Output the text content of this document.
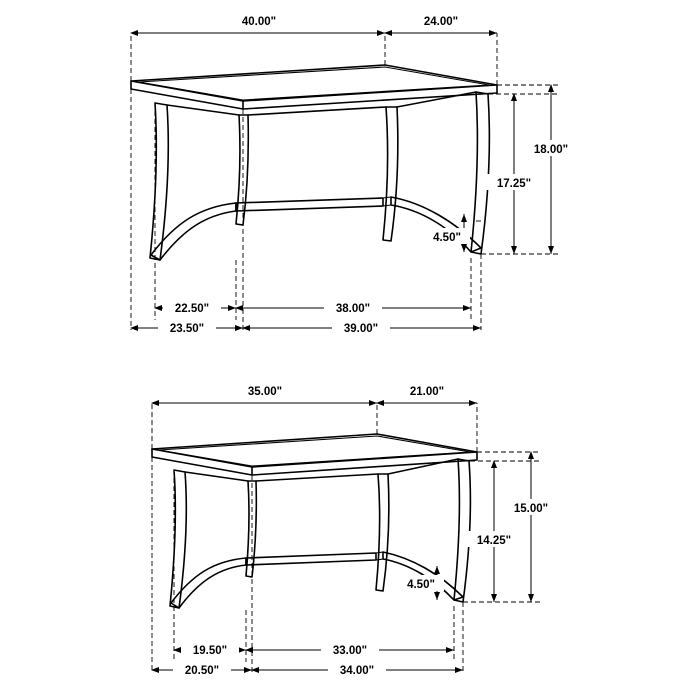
40.00"	24.00"
18.00"
17.25"
4.50"
22.50"
23.50"
38.00"
39.00"
35.00"	21.00"
15.00"
14.25"
4.50"
19.50"
20.50"
33.00"
34.00"
